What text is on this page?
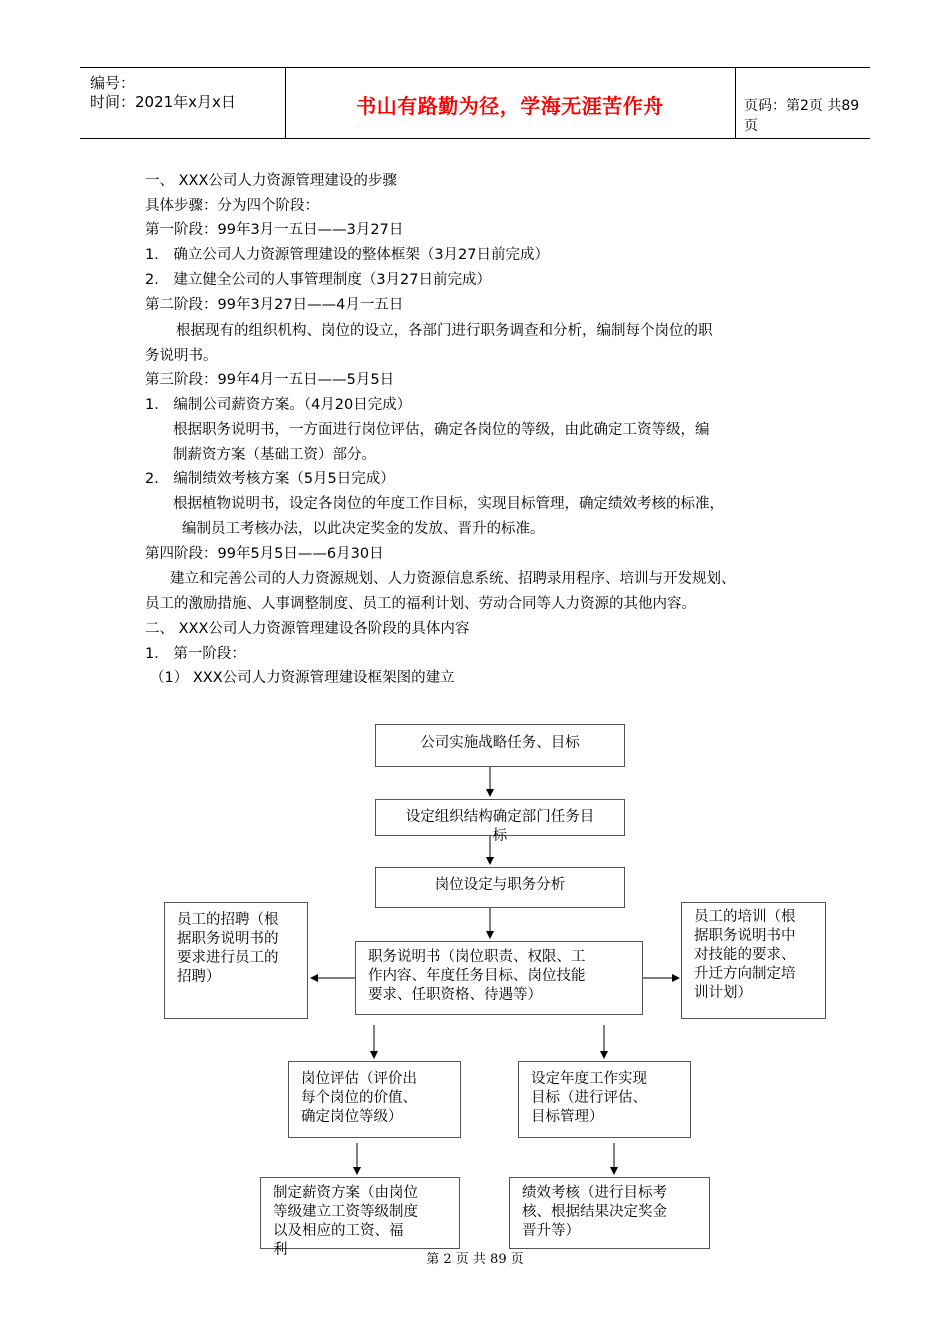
编号：
时间：2021年x月x日	书山有路勤为径，学海无涯苦作舟	页码：第2页 共89页
一、 XXX公司人力资源管理建设的步骤
具体步骤：分为四个阶段：
第一阶段：99年3月一五日——3月27日
1． 确立公司人力资源管理建设的整体框架（3月27日前完成）
2． 建立健全公司的人事管理制度（3月27日前完成）
第二阶段：99年3月27日——4月一五日
根据现有的组织机构、岗位的设立，各部门进行职务调查和分析，编制每个岗位的职
务说明书。
第三阶段：99年4月一五日——5月5日
1． 编制公司薪资方案。（4月20日完成）
根据职务说明书，一方面进行岗位评估，确定各岗位的等级，由此确定工资等级，编
制薪资方案（基础工资）部分。
2． 编制绩效考核方案（5月5日完成）
根据植物说明书，设定各岗位的年度工作目标，实现目标管理，确定绩效考核的标准，
编制员工考核办法，以此决定奖金的发放、晋升的标准。
第四阶段：99年5月5日——6月30日
建立和完善公司的人力资源规划、人力资源信息系统、招聘录用程序、培训与开发规划、
员工的激励措施、人事调整制度、员工的福利计划、劳动合同等人力资源的其他内容。
二、 XXX公司人力资源管理建设各阶段的具体内容
1． 第一阶段：
（1） XXX公司人力资源管理建设框架图的建立
公司实施战略任务、目标
设定组织结构确定部门任务目
标
岗位设定与职务分析
员工的招聘（根
据职务说明书的
要求进行员工的
招聘）
职务说明书（岗位职责、权限、工
作内容、年度任务目标、岗位技能
要求、任职资格、待遇等）
员工的培训（根
据职务说明书中
对技能的要求、
升迁方向制定培
训计划）
岗位评估（评价出
每个岗位的价值、
确定岗位等级）
设定年度工作实现
目标（进行评估、
目标管理）
制定薪资方案（由岗位
等级建立工资等级制度
以及相应的工资、福
利
绩效考核（进行目标考
核、根据结果决定奖金
晋升等）
第 2 页 共 89 页
